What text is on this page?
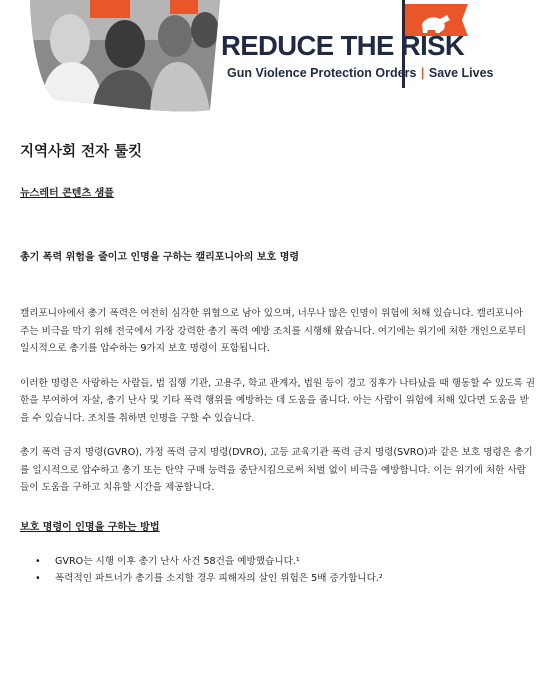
REDUCE THE RISK
Gun Violence Protection Orders | Save Lives
지역사회 전자 툴킷
뉴스레터 콘텐츠 샘플
총기 폭력 위험을 줄이고 인명을 구하는 캘리포니아의 보호 명령

캘리포니아에서 총기 폭력은 여전히 심각한 위협으로 남아 있으며, 너무나 많은 인명이 위험에 처해 있습니다. 캘리포니아 주는 비극을 막기 위해 전국에서 가장 강력한 총기 폭력 예방 조치를 시행해 왔습니다. 여기에는 위기에 처한 개인으로부터 일시적으로 총기를 압수하는 9가지 보호 명령이 포함됩니다.

이러한 명령은 사랑하는 사람들, 법 집행 기관, 고용주, 학교 관계자, 법원 등이 경고 징후가 나타났을 때 행동할 수 있도록 권한을 부여하여 자살, 총기 난사 및 기타 폭력 행위를 예방하는 데 도움을 줍니다. 아는 사람이 위험에 처해 있다면 도움을 받을 수 있습니다. 조치를 취하면 인명을 구할 수 있습니다.

총기 폭력 금지 명령(GVRO), 가정 폭력 금지 명령(DVRO), 고등 교육기관 폭력 금지 명령(SVRO)과 같은 보호 명령은 총기를 일시적으로 압수하고 총기 또는 탄약 구매 능력을 중단시킴으로써 처벌 없이 비극을 예방합니다. 이는 위기에 처한 사람들이 도움을 구하고 치유할 시간을 제공합니다.

보호 명령이 인명을 구하는 방법
• GVRO는 시행 이후 총기 난사 사건 58건을 예방했습니다.¹
• 폭력적인 파트너가 총기를 소지할 경우 피해자의 살인 위험은 5배 증가합니다.²
